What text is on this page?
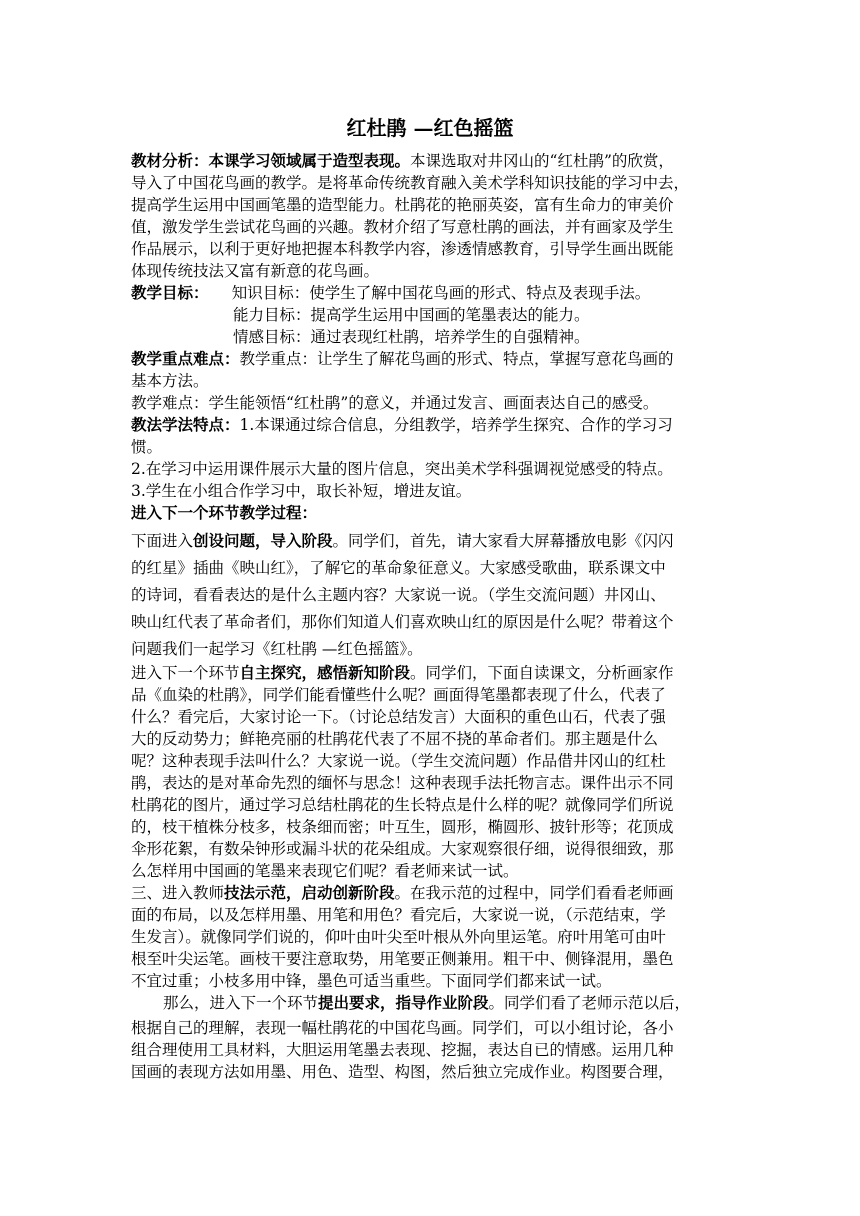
红杜鹃 —红色摇篮
教材分析：本课学习领域属于造型表现。本课选取对井冈山的“红杜鹃”的欣赏，
导入了中国花鸟画的教学。是将革命传统教育融入美术学科知识技能的学习中去，
提高学生运用中国画笔墨的造型能力。杜鹃花的艳丽英姿，富有生命力的审美价
值，激发学生尝试花鸟画的兴趣。教材介绍了写意杜鹃的画法，并有画家及学生
作品展示，以利于更好地把握本科教学内容，渗透情感教育，引导学生画出既能
体现传统技法又富有新意的花鸟画。
教学目标：　　知识目标：使学生了解中国花鸟画的形式、特点及表现手法。
能力目标：提高学生运用中国画的笔墨表达的能力。
情感目标：通过表现红杜鹃，培养学生的自强精神。
教学重点难点：教学重点：让学生了解花鸟画的形式、特点，掌握写意花鸟画的
基本方法。
教学难点：学生能领悟“红杜鹃”的意义，并通过发言、画面表达自己的感受。
教法学法特点：1.本课通过综合信息，分组教学，培养学生探究、合作的学习习
惯。
2.在学习中运用课件展示大量的图片信息，突出美术学科强调视觉感受的特点。
3.学生在小组合作学习中，取长补短，增进友谊。
进入下一个环节教学过程：
下面进入创设问题，导入阶段。同学们，首先，请大家看大屏幕播放电影《闪闪
的红星》插曲《映山红》，了解它的革命象征意义。大家感受歌曲，联系课文中
的诗词，看看表达的是什么主题内容？大家说一说。（学生交流问题）井冈山、
映山红代表了革命者们，那你们知道人们喜欢映山红的原因是什么呢？带着这个
问题我们一起学习《红杜鹃 —红色摇篮》。
进入下一个环节自主探究，感悟新知阶段。同学们，下面自读课文，分析画家作
品《血染的杜鹃》，同学们能看懂些什么呢？画面得笔墨都表现了什么，代表了
什么？看完后，大家讨论一下。（讨论总结发言）大面积的重色山石，代表了强
大的反动势力；鲜艳亮丽的杜鹃花代表了不屈不挠的革命者们。那主题是什么
呢？这种表现手法叫什么？大家说一说。（学生交流问题）作品借井冈山的红杜
鹃，表达的是对革命先烈的缅怀与思念！这种表现手法托物言志。课件出示不同
杜鹃花的图片，通过学习总结杜鹃花的生长特点是什么样的呢？就像同学们所说
的，枝干植株分枝多，枝条细而密；叶互生，圆形，椭圆形、披针形等；花顶成
伞形花絮，有数朵钟形或漏斗状的花朵组成。大家观察很仔细，说得很细致，那
么怎样用中国画的笔墨来表现它们呢？看老师来试一试。
三、进入教师技法示范，启动创新阶段。在我示范的过程中，同学们看看老师画
面的布局，以及怎样用墨、用笔和用色？看完后，大家说一说，（示范结束，学
生发言）。就像同学们说的，仰叶由叶尖至叶根从外向里运笔。府叶用笔可由叶
根至叶尖运笔。画枝干要注意取势，用笔要正侧兼用。粗干中、侧锋混用，墨色
不宜过重；小枝多用中锋，墨色可适当重些。下面同学们都来试一试。
那么，进入下一个环节提出要求，指导作业阶段。同学们看了老师示范以后，
根据自己的理解，表现一幅杜鹃花的中国花鸟画。同学们，可以小组讨论，各小
组合理使用工具材料，大胆运用笔墨去表现、挖掘，表达自已的情感。运用几种
国画的表现方法如用墨、用色、造型、构图，然后独立完成作业。构图要合理，
